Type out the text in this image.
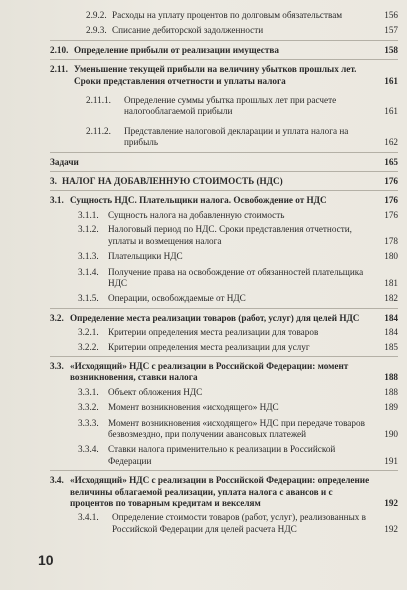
2.9.2. Расходы на уплату процентов по долговым обязательствам	156
2.9.3. Списание дебиторской задолженности	157
2.10. Определение прибыли от реализации имущества	158
2.11. Уменьшение текущей прибыли на величину убытков прошлых лет. Сроки представления отчетности и уплаты налога	161
2.11.1. Определение суммы убытка прошлых лет при расчете налогооблагаемой прибыли	161
2.11.2. Представление налоговой декларации и уплата налога на прибыль	162
Задачи	165
3. НАЛОГ НА ДОБАВЛЕННУЮ СТОИМОСТЬ (НДС)	176
3.1. Сущность НДС. Плательщики налога. Освобождение от НДС	176
3.1.1. Сущность налога на добавленную стоимость	176
3.1.2. Налоговый период по НДС. Сроки представления отчетности, уплаты и возмещения налога	178
3.1.3. Плательщики НДС	180
3.1.4. Получение права на освобождение от обязанностей плательщика НДС	181
3.1.5. Операции, освобождаемые от НДС	182
3.2. Определение места реализации товаров (работ, услуг) для целей НДС	184
3.2.1. Критерии определения места реализации для товаров	184
3.2.2. Критерии определения места реализации для услуг	185
3.3. «Исходящий» НДС с реализации в Российской Федерации: момент возникновения, ставки налога	188
3.3.1. Объект обложения НДС	188
3.3.2. Момент возникновения «исходящего» НДС	189
3.3.3. Момент возникновения «исходящего» НДС при передаче товаров безвозмездно, при получении авансовых платежей	190
3.3.4. Ставки налога применительно к реализации в Российской Федерации	191
3.4. «Исходящий» НДС с реализации в Российской Федерации: определение величины облагаемой реализации, уплата налога с авансов и с процентов по товарным кредитам и векселям	192
3.4.1. Определение стоимости товаров (работ, услуг), реализованных в Российской Федерации для целей расчета НДС	192
10
